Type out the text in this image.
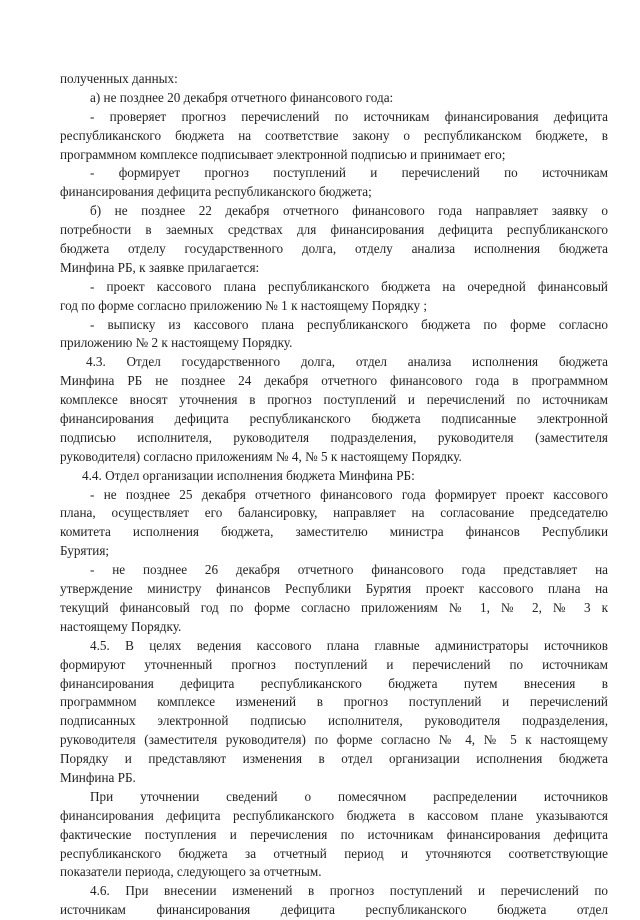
полученных данных:
а) не позднее 20 декабря отчетного финансового года:
- проверяет прогноз перечислений по источникам финансирования дефицита
республиканского бюджета на соответствие закону о республиканском бюджете, в
программном комплексе подписывает электронной подписью и принимает его;
- формирует прогноз поступлений и перечислений по источникам
финансирования дефицита республиканского бюджета;
б) не позднее 22 декабря отчетного финансового года направляет заявку о
потребности в заемных средствах для финансирования дефицита республиканского
бюджета отделу государственного долга, отделу анализа исполнения бюджета
Минфина РБ, к заявке прилагается:
- проект кассового плана республиканского бюджета на очередной финансовый
год по форме согласно приложению № 1 к настоящему Порядку ;
- выписку из кассового плана республиканского бюджета по форме согласно
приложению № 2 к настоящему Порядку.
4.3. Отдел государственного долга, отдел анализа исполнения бюджета
Минфина РБ не позднее 24 декабря отчетного финансового года в программном
комплексе вносят уточнения в прогноз поступлений и перечислений по источникам
финансирования дефицита республиканского бюджета подписанные электронной
подписью исполнителя, руководителя подразделения, руководителя (заместителя
руководителя) согласно приложениям № 4, № 5 к настоящему Порядку.
4.4. Отдел организации исполнения бюджета Минфина РБ:
- не позднее 25 декабря отчетного финансового года формирует проект кассового
плана, осуществляет его балансировку, направляет на согласование председателю
комитета исполнения бюджета, заместителю министра финансов Республики
Бурятия;
- не позднее 26 декабря отчетного финансового года представляет на
утверждение министру финансов Республики Бурятия проект кассового плана на
текущий финансовый год по форме согласно приложениям № 1, № 2, № 3 к
настоящему Порядку.
4.5. В целях ведения кассового плана главные администраторы источников
формируют уточненный прогноз поступлений и перечислений по источникам
финансирования дефицита республиканского бюджета путем внесения в
программном комплексе изменений в прогноз поступлений и перечислений
подписанных электронной подписью исполнителя, руководителя подразделения,
руководителя (заместителя руководителя) по форме согласно № 4, № 5 к настоящему
Порядку и представляют изменения в отдел организации исполнения бюджета
Минфина РБ.
При уточнении сведений о помесячном распределении источников
финансирования дефицита республиканского бюджета в кассовом плане указываются
фактические поступления и перечисления по источникам финансирования дефицита
республиканского бюджета за отчетный период и уточняются соответствующие
показатели периода, следующего за отчетным.
4.6. При внесении изменений в прогноз поступлений и перечислений по
источникам финансирования дефицита республиканского бюджета отдел
